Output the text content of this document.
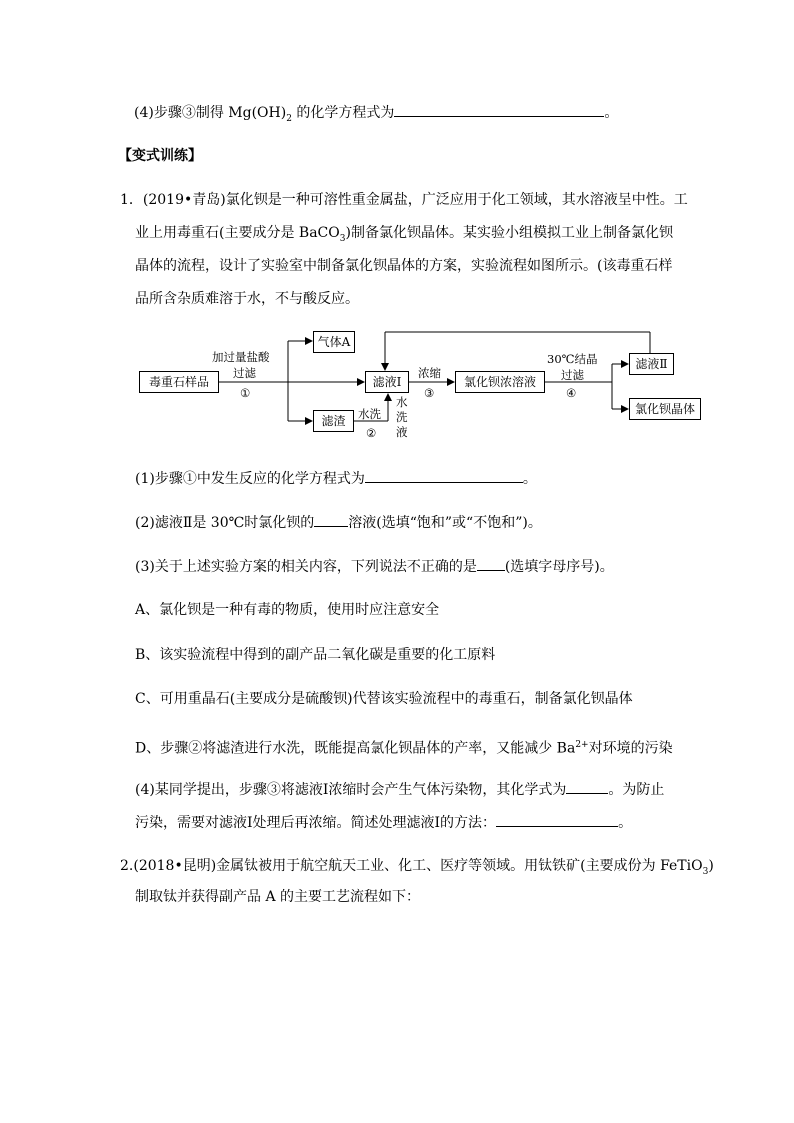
(4)步骤③制得 $Mg(OH)_2$ 的化学方程式为	。
【变式训练】
1．(2019•青岛)氯化钡是一种可溶性重金属盐，广泛应用于化工领域，其水溶液呈中性。工
业上用毒重石(主要成分是 BaCO$_3$)制备氯化钡晶体。某实验小组模拟工业上制备氯化钡
晶体的流程，设计了实验室中制备氯化钡晶体的方案，实验流程如图所示。(该毒重石样
品所含杂质难溶于水，不与酸反应。
毒重石样品
气体A
滤液Ⅰ
滤渣
氯化钡浓溶液
滤液Ⅱ
氯化钡晶体
加过量盐酸
过滤
①
水洗
②
水
洗
液
浓缩
③
30℃结晶
过滤
④
(1)步骤①中发生反应的化学方程式为	。
(2)滤液Ⅱ是 30℃时氯化钡的 溶液(选填“饱和”或“不饱和”)。
(3)关于上述实验方案的相关内容，下列说法不正确的是 (选填字母序号)。
A、氯化钡是一种有毒的物质，使用时应注意安全
B、该实验流程中得到的副产品二氧化碳是重要的化工原料
C、可用重晶石(主要成分是硫酸钡)代替该实验流程中的毒重石，制备氯化钡晶体
D、步骤②将滤渣进行水洗，既能提高氯化钡晶体的产率，又能减少 $Ba^{2+}$对环境的污染
(4)某同学提出，步骤③将滤液Ⅰ浓缩时会产生气体污染物，其化学式为	。为防止
污染，需要对滤液Ⅰ处理后再浓缩。简述处理滤液Ⅰ的方法：	。
2.(2018•昆明)金属钛被用于航空航天工业、化工、医疗等领域。用钛铁矿(主要成份为 FeTiO$_3$)
制取钛并获得副产品 A 的主要工艺流程如下：
